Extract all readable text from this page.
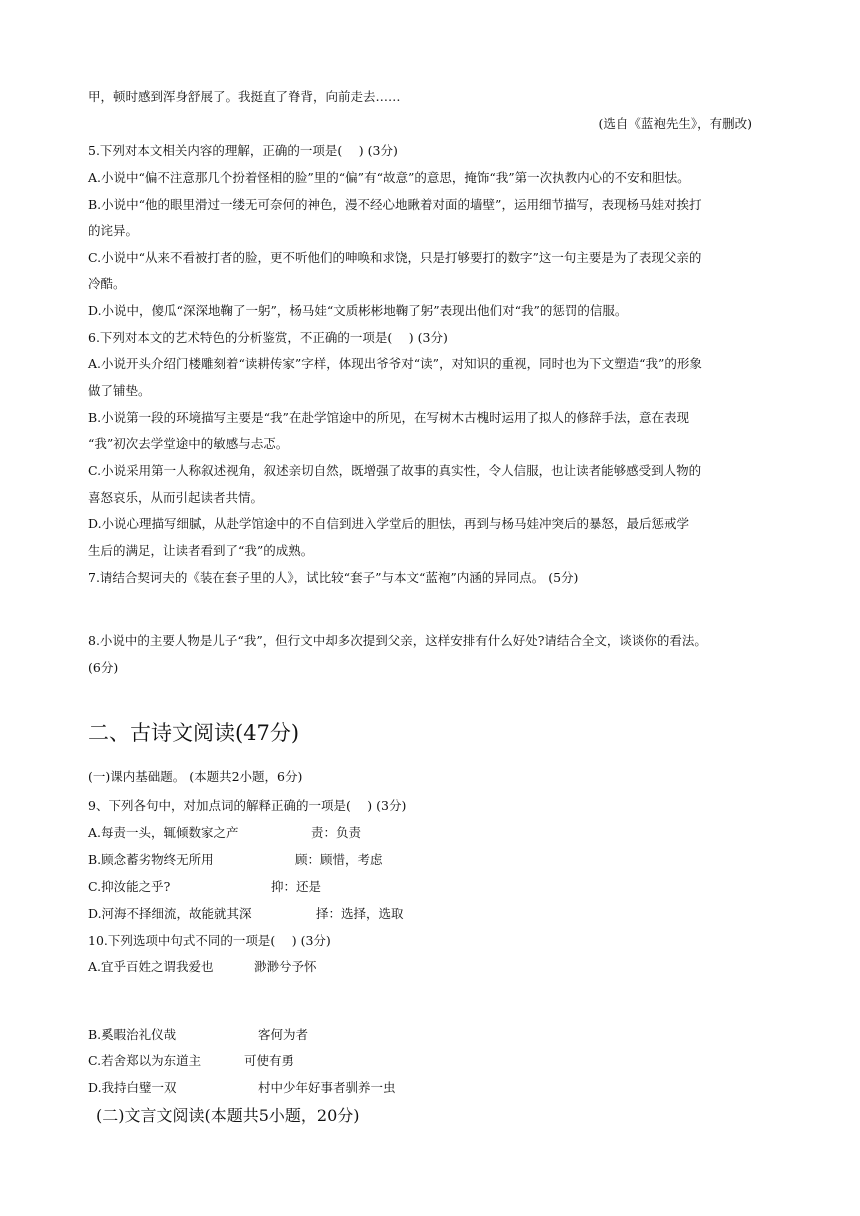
甲，顿时感到浑身舒展了。我挺直了脊背，向前走去……
5.下列对本文相关内容的理解，正确的一项是(　 ) (3分)
A.小说中“偏不注意那几个扮着怪相的脸”里的“偏”有“故意”的意思，掩饰“我”第一次执教内心的不安和胆怯。
B.小说中“他的眼里滑过一缕无可奈何的神色，漫不经心地瞅着对面的墙壁”，运用细节描写，表现杨马娃对挨打
的诧异。
C.小说中“从来不看被打者的脸，更不听他们的呻唤和求饶，只是打够要打的数字”这一句主要是为了表现父亲的
冷酷。
D.小说中，傻瓜“深深地鞠了一躬”，杨马娃“文质彬彬地鞠了躬”表现出他们对“我”的惩罚的信服。
6.下列对本文的艺术特色的分析鉴赏，不正确的一项是(　 ) (3分)
A.小说开头介绍门楼雕刻着“读耕传家”字样，体现出爷爷对“读”，对知识的重视，同时也为下文塑造“我”的形象
做了铺垫。
B.小说第一段的环境描写主要是“我”在赴学馆途中的所见，在写树木古槐时运用了拟人的修辞手法，意在表现
“我”初次去学堂途中的敏感与忐忑。
C.小说采用第一人称叙述视角，叙述亲切自然，既增强了故事的真实性，令人信服，也让读者能够感受到人物的
喜怒哀乐，从而引起读者共情。
D.小说心理描写细腻，从赴学馆途中的不自信到进入学堂后的胆怯，再到与杨马娃冲突后的暴怒，最后惩戒学
生后的满足，让读者看到了“我”的成熟。
7.请结合契诃夫的《装在套子里的人》，试比较“套子”与本文“蓝袍”内涵的异同点。 (5分)
8.小说中的主要人物是儿子“我”，但行文中却多次提到父亲，这样安排有什么好处?请结合全文，谈谈你的看法。
(6分)
(一)课内基础题。 (本题共2小题，6分)
9、下列各句中，对加点词的解释正确的一项是(　 ) (3分)
10.下列选项中句式不同的一项是(　 ) (3分)
(选自《蓝袍先生》，有删改)
二、古诗文阅读(47分)
A.每责一头，辄倾数家之产	责：负责
B.顾念蓄劣物终无所用	顾：顾惜，考虑
C.抑汝能之乎?	抑：还是
D.河海不择细流，故能就其深	择：选择，选取
A.宜乎百姓之谓我爱也	渺渺兮予怀
B.奚暇治礼仪哉	客何为者
C.若舍郑以为东道主	可使有勇
D.我持白璧一双	村中少年好事者驯养一虫
(二)文言文阅读(本题共5小题，20分)
